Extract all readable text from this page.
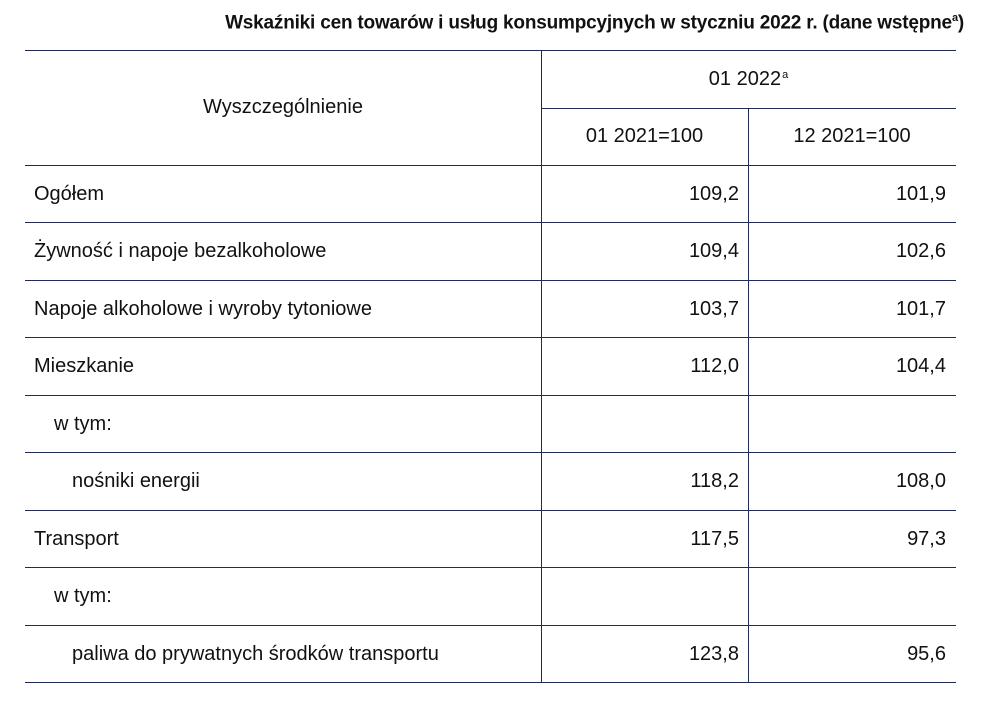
Wskaźniki cen towarów i usług konsumpcyjnych w styczniu 2022 r. (dane wstępne$^a$)
Wyszczególnienie
01 2022$^a$
01 2021=100	12 2021=100
Ogółem	109,2	101,9
Żywność i napoje bezalkoholowe	109,4	102,6
Napoje alkoholowe i wyroby tytoniowe	103,7	101,7
Mieszkanie	112,0	104,4
w tym:
nośniki energii	118,2	108,0
Transport	117,5	97,3
w tym:
paliwa do prywatnych środków transportu	123,8	95,6
